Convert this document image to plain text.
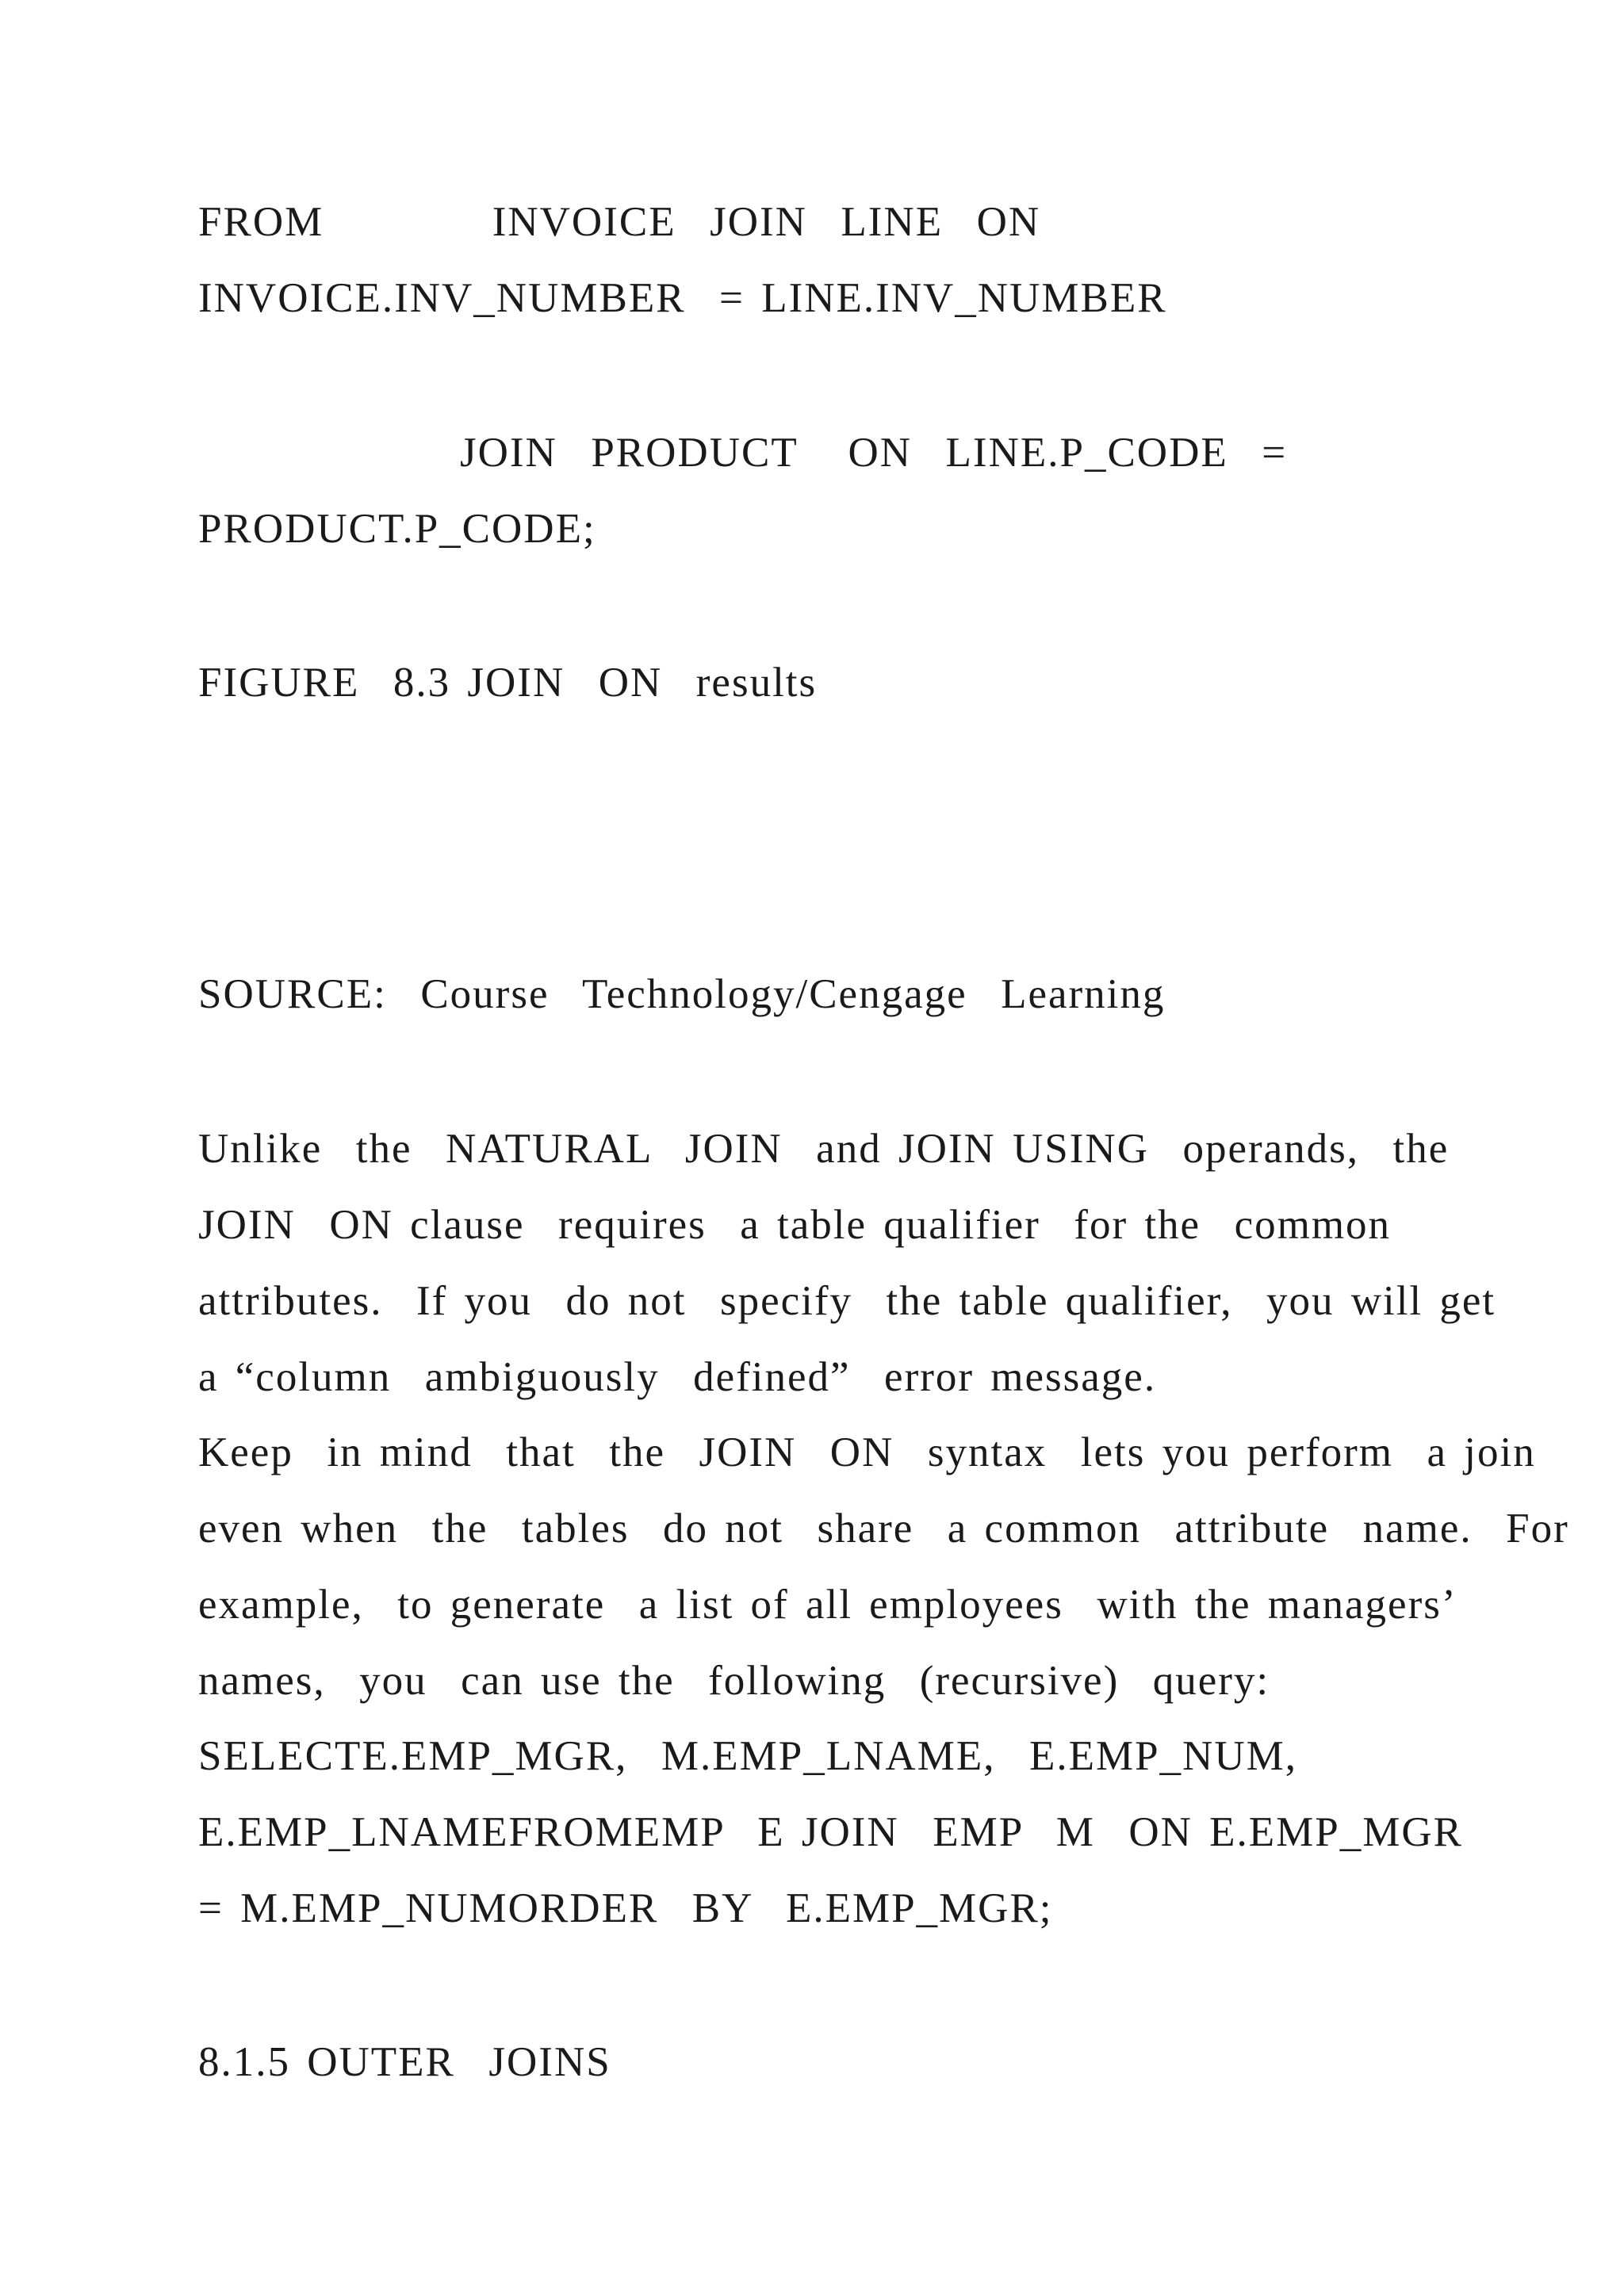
FROM          INVOICE  JOIN  LINE  ON
INVOICE.INV_NUMBER  = LINE.INV_NUMBER
JOIN  PRODUCT   ON  LINE.P_CODE  =
PRODUCT.P_CODE;
FIGURE  8.3 JOIN  ON  results
SOURCE:  Course  Technology/Cengage  Learning
Unlike  the  NATURAL  JOIN  and JOIN USING  operands,  the
JOIN  ON clause  requires  a table qualifier  for the  common
attributes.  If you  do not  specify  the table qualifier,  you will get
a “column  ambiguously  defined”  error message.
Keep  in mind  that  the  JOIN  ON  syntax  lets you perform  a join
even when  the  tables  do not  share  a common  attribute  name.  For
example,  to generate  a list of all employees  with the managers’
names,  you  can use the  following  (recursive)  query:
SELECTE.EMP_MGR,  M.EMP_LNAME,  E.EMP_NUM,
E.EMP_LNAMEFROMEMP  E JOIN  EMP  M  ON E.EMP_MGR
= M.EMP_NUMORDER  BY  E.EMP_MGR;
8.1.5 OUTER  JOINS
